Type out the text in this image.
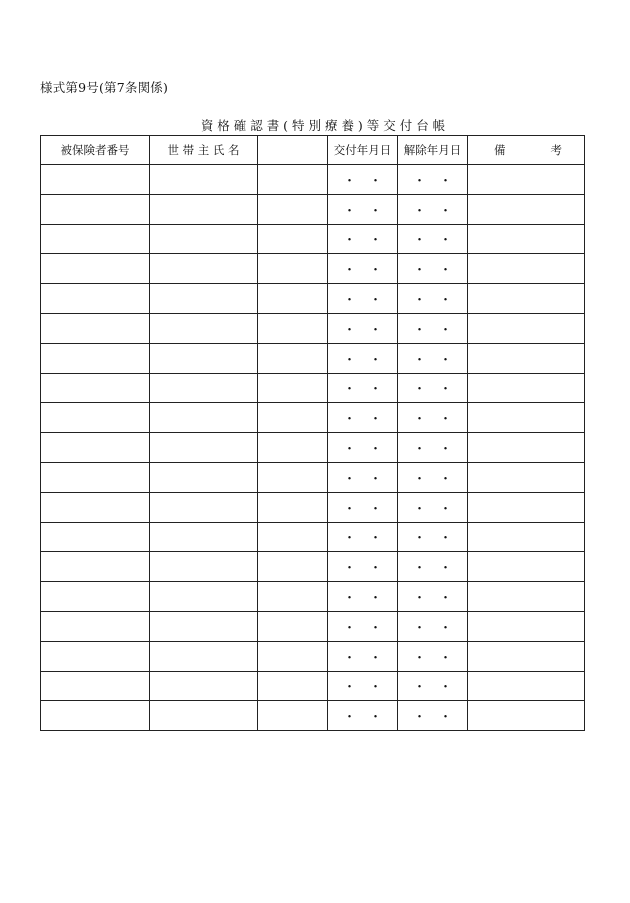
様式第9号(第7条関係)
資 格 確 認 書 ( 特 別 療 養 ) 等 交 付 台 帳
被保険者番号	世 帯 主 氏 名		交付年月日	解除年月日	備 考

			・　・	・　・	
			・　・	・　・	
			・　・	・　・	
			・　・	・　・	
			・　・	・　・	
			・　・	・　・	
			・　・	・　・	
			・　・	・　・	
			・　・	・　・	
			・　・	・　・	
			・　・	・　・	
			・　・	・　・	
			・　・	・　・	
			・　・	・　・	
			・　・	・　・	
			・　・	・　・	
			・　・	・　・	
			・　・	・　・	
			・　・	・　・	
